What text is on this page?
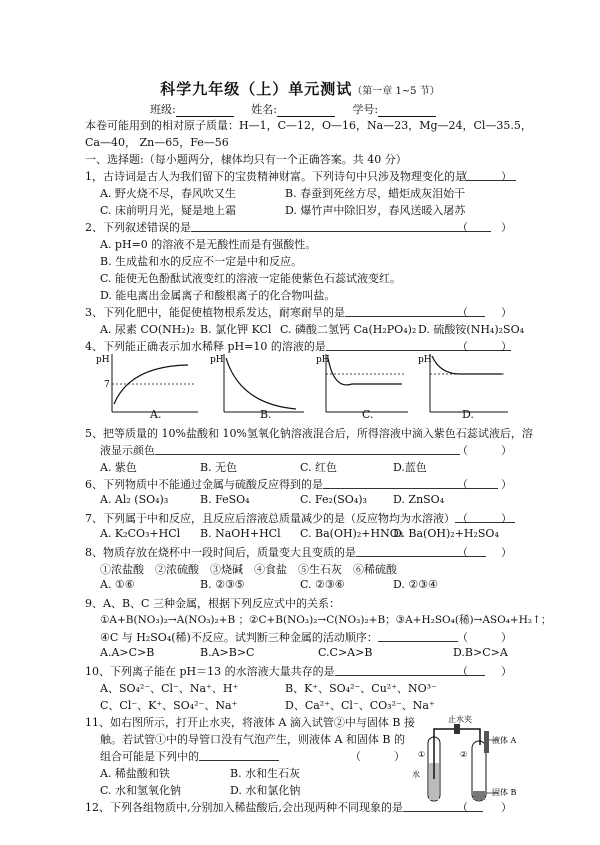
科学九年级（上）单元测试（第一章 1~5 节）
班级:	姓名:	学号:
本卷可能用到的相对原子质量：H—1，C—12，O—16，Na—23，Mg—24，Cl—35.5，
Ca—40， Zn—65，Fe—56
一、选择题:（每小题两分，棣体均只有一个正确答案。共 40 分）
1，古诗词是古人为我们留下的宝贵精神财富。下列诗句中只涉及物理变化的是
（　　　）
A. 野火烧不尽，春风吹又生	B. 春蚕到死丝方尽，蜡炬成灰泪始干
C. 床前明月光，疑是地上霜	D. 爆竹声中除旧岁，春风送暖入屠苏
2、下列叙述错误的是	（　　　）
A. pH=0 的溶液不是无酸性而是有强酸性。
B. 生成盐和水的反应不一定是中和反应。
C. 能使无色酚酞试液变红的溶液一定能使紫色石蕊试液变红。
D. 能电离出金属离子和酸根离子的化合物叫盐。
3、下列化肥中，能促使植物根系发达，耐寒耐旱的是	（　　　）
A. 尿素 CO(NH₂)₂ B. 氯化钾 KCl C. 磷酸二氢钙 Ca(H₂PO₄)₂ D. 硫酸铵(NH₄)₂SO₄
4、下列能正确表示加水稀释 pH=10 的溶液的是	（　　　）
pH
7
pH	pH	pH
A.	B.	C.	D.
5、把等质量的 10%盐酸和 10%氢氧化钠溶液混合后，所得溶液中滴入紫色石蕊试液后，溶
液显示颜色	（　　　）
A. 紫色	B. 无色	C. 红色	D.蓝色
6、下列物质中不能通过金属与硫酸反应得到的是	（　　　）
A. Al₂ (SO₄)₃	B. FeSO₄	C. Fe₂(SO₄)₃ D. ZnSO₄
7、下列属于中和反应，且反应后溶液总质量减少的是（反应物均为水溶液） （　　　）
A. K₂CO₃+HCl B. NaOH+HCl C. Ba(OH)₂+HNO₃
D. Ba(OH)₂+H₂SO₄
8、物质存放在烧杯中一段时间后，质量变大且变质的是	（　　　）
①浓盐酸　②浓硫酸　③烧碱　④食盐　⑤生石灰　⑥稀硫酸
A. ①⑥	B. ②③⑤	C. ②③⑥	D. ②③④
9、A、B、C 三种金属，根据下列反应式中的关系：
①A+B(NO₃)₂→A(NO₃)₂+B ；②C+B(NO₃)₂→C(NO₃)₂+B；③A+H₂SO₄(稀)→ASO₄+H₂↑；
④C 与 H₂SO₄(稀)不反应。试判断三种金属的活动顺序：	（　　　）
A.A>C>B	B.A>B>C	C.C>A>B	D.B>C>A
10、下列离子能在 pH＝13 的水溶液大量共存的是	（　　　）
A、SO₄²⁻、Cl⁻、Na⁺、H⁺	B、K⁺、SO₄²⁻、Cu²⁺、NO³⁻
C、Cl⁻、K⁺、SO₄²⁻、Na⁺	D、Ca²⁺、Cl⁻、CO₃²⁻、Na⁺
11、如右图所示，打开止水夹，将液体 A 滴入试管②中与固体 B 接
触。若试管①中的导管口没有气泡产生，则液体 A 和固体 B 的
组合可能是下列中的	（　　　）
A. 稀盐酸和铁	B. 水和生石灰
C. 水和氢氧化钠	D. 水和氯化钠
止水夹
液体 A
固体 B
水
①	②
12、下列各组物质中,分别加入稀盐酸后,会出现两种不同现象的是	（　　　）
